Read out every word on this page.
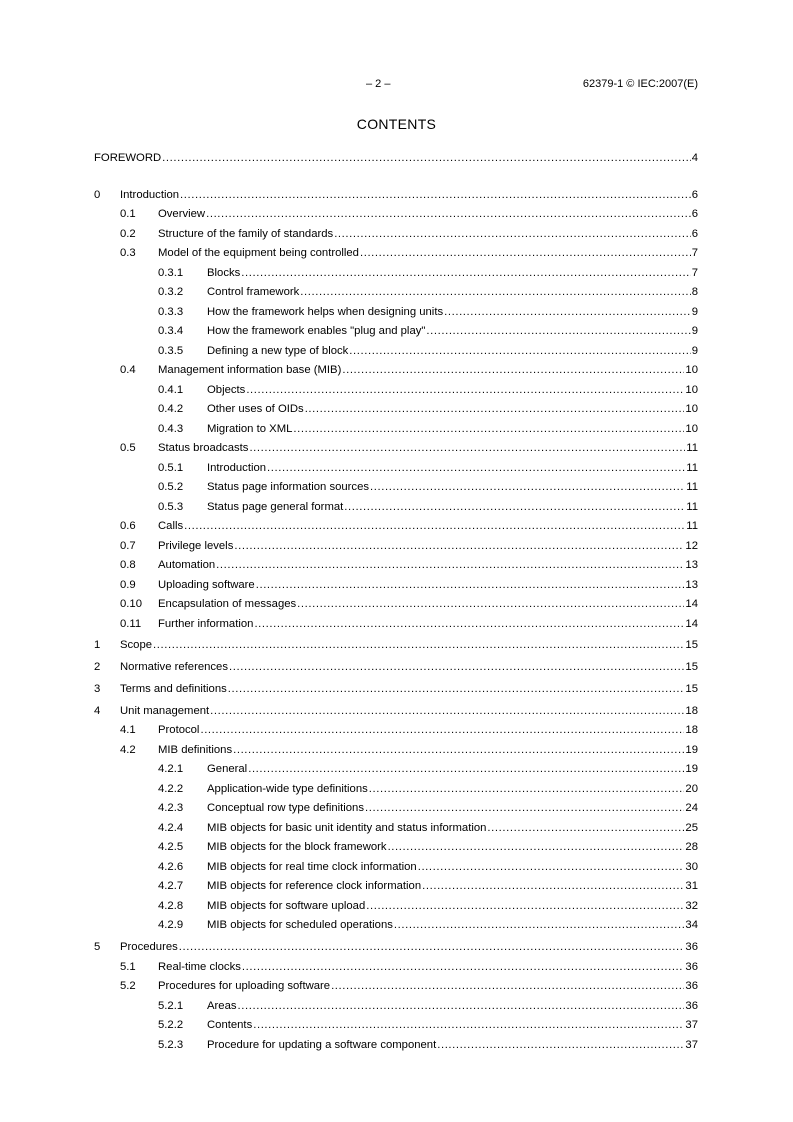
– 2 –	62379-1 © IEC:2007(E)
CONTENTS
FOREWORD .....	4
0	Introduction .....	6
0.1	Overview .....	6
0.2	Structure of the family of standards .....	6
0.3	Model of the equipment being controlled .....	7
0.3.1	Blocks .....	7
0.3.2	Control framework .....	8
0.3.3	How the framework helps when designing units .....	9
0.3.4	How the framework enables "plug and play" .....	9
0.3.5	Defining a new type of block .....	9
0.4	Management information base (MIB) .....	10
0.4.1	Objects .....	10
0.4.2	Other uses of OIDs .....	10
0.4.3	Migration to XML .....	10
0.5	Status broadcasts .....	11
0.5.1	Introduction .....	11
0.5.2	Status page information sources .....	11
0.5.3	Status page general format .....	11
0.6	Calls .....	11
0.7	Privilege levels .....	12
0.8	Automation .....	13
0.9	Uploading software .....	13
0.10	Encapsulation of messages .....	14
0.11	Further information .....	14
1	Scope .....	15
2	Normative references .....	15
3	Terms and definitions .....	15
4	Unit management .....	18
4.1	Protocol .....	18
4.2	MIB definitions .....	19
4.2.1	General .....	19
4.2.2	Application-wide type definitions .....	20
4.2.3	Conceptual row type definitions .....	24
4.2.4	MIB objects for basic unit identity and status information .....	25
4.2.5	MIB objects for the block framework .....	28
4.2.6	MIB objects for real time clock information .....	30
4.2.7	MIB objects for reference clock information .....	31
4.2.8	MIB objects for software upload .....	32
4.2.9	MIB objects for scheduled operations .....	34
5	Procedures .....	36
5.1	Real-time clocks .....	36
5.2	Procedures for uploading software .....	36
5.2.1	Areas .....	36
5.2.2	Contents .....	37
5.2.3	Procedure for updating a software component .....	37
